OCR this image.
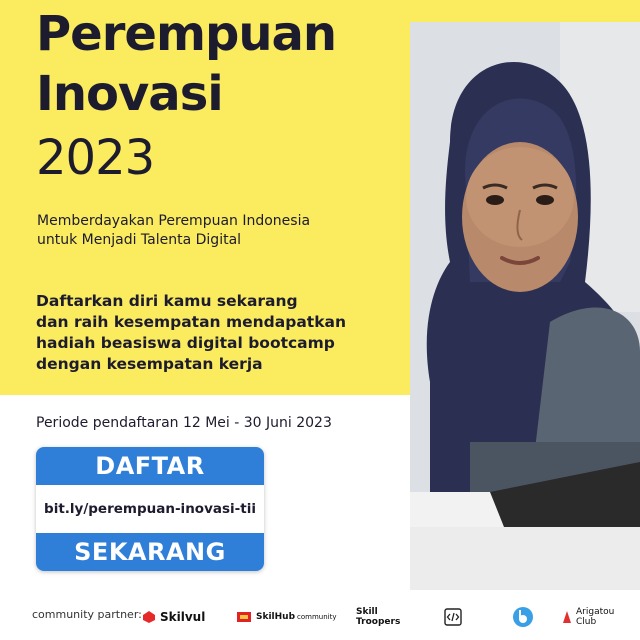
Perempuan
Inovasi
2023
Memberdayakan Perempuan Indonesia
untuk Menjadi Talenta Digital
Daftarkan diri kamu sekarang
dan raih kesempatan mendapatkan
hadiah beasiswa digital bootcamp
dengan kesempatan kerja
Periode pendaftaran 12 Mei - 30 Juni 2023
DAFTAR
bit.ly/perempuan-inovasi-tii
SEKARANG
community partner: Skilvul	SkilHub community Skill
Troopers
Arigatou
Club
